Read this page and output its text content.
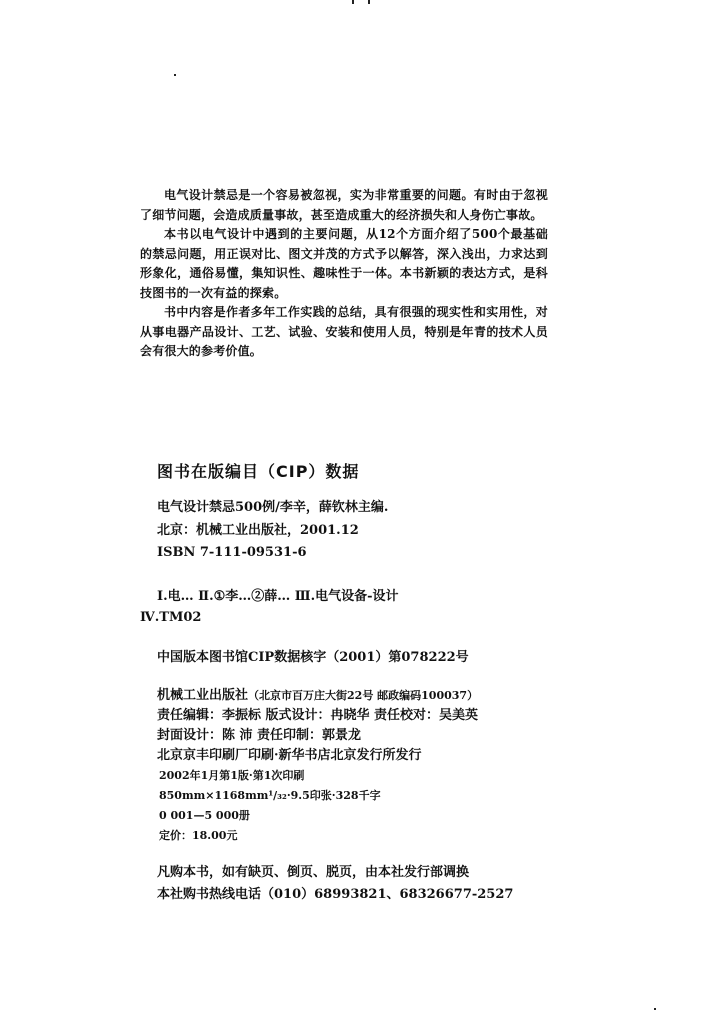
电气设计禁忌是一个容易被忽视，实为非常重要的问题。有时由于忽视了细节问题，会造成质量事故，甚至造成重大的经济损失和人身伤亡事故。

本书以电气设计中遇到的主要问题，从12个方面介绍了500个最基础的禁忌问题，用正误对比、图文并茂的方式予以解答，深入浅出，力求达到形象化，通俗易懂，集知识性、趣味性于一体。本书新颖的表达方式，是科技图书的一次有益的探索。

书中内容是作者多年工作实践的总结，具有很强的现实性和实用性，对从事电器产品设计、工艺、试验、安装和使用人员，特别是年青的技术人员会有很大的参考价值。

图书在版编目（CIP）数据
电气设计禁忌500例/李辛，薛钦林主编.
北京：机械工业出版社，2001.12
ISBN 7-111-09531-6
Ⅰ.电… Ⅱ.①李…②薛… Ⅲ.电气设备-设计
Ⅳ.TM02
中国版本图书馆CIP数据核字（2001）第078222号
机械工业出版社（北京市百万庄大街22号 邮政编码100037）
责任编辑：李振标 版式设计：冉晓华 责任校对：吴美英
封面设计：陈 沛 责任印制：郭景龙
北京京丰印刷厂印刷·新华书店北京发行所发行
2002年1月第1版·第1次印刷
850mm×1168mm¹/₃₂·9.5印张·328千字
0 001—5 000册
定价：18.00元
凡购本书，如有缺页、倒页、脱页，由本社发行部调换
本社购书热线电话（010）68993821、68326677-2527
